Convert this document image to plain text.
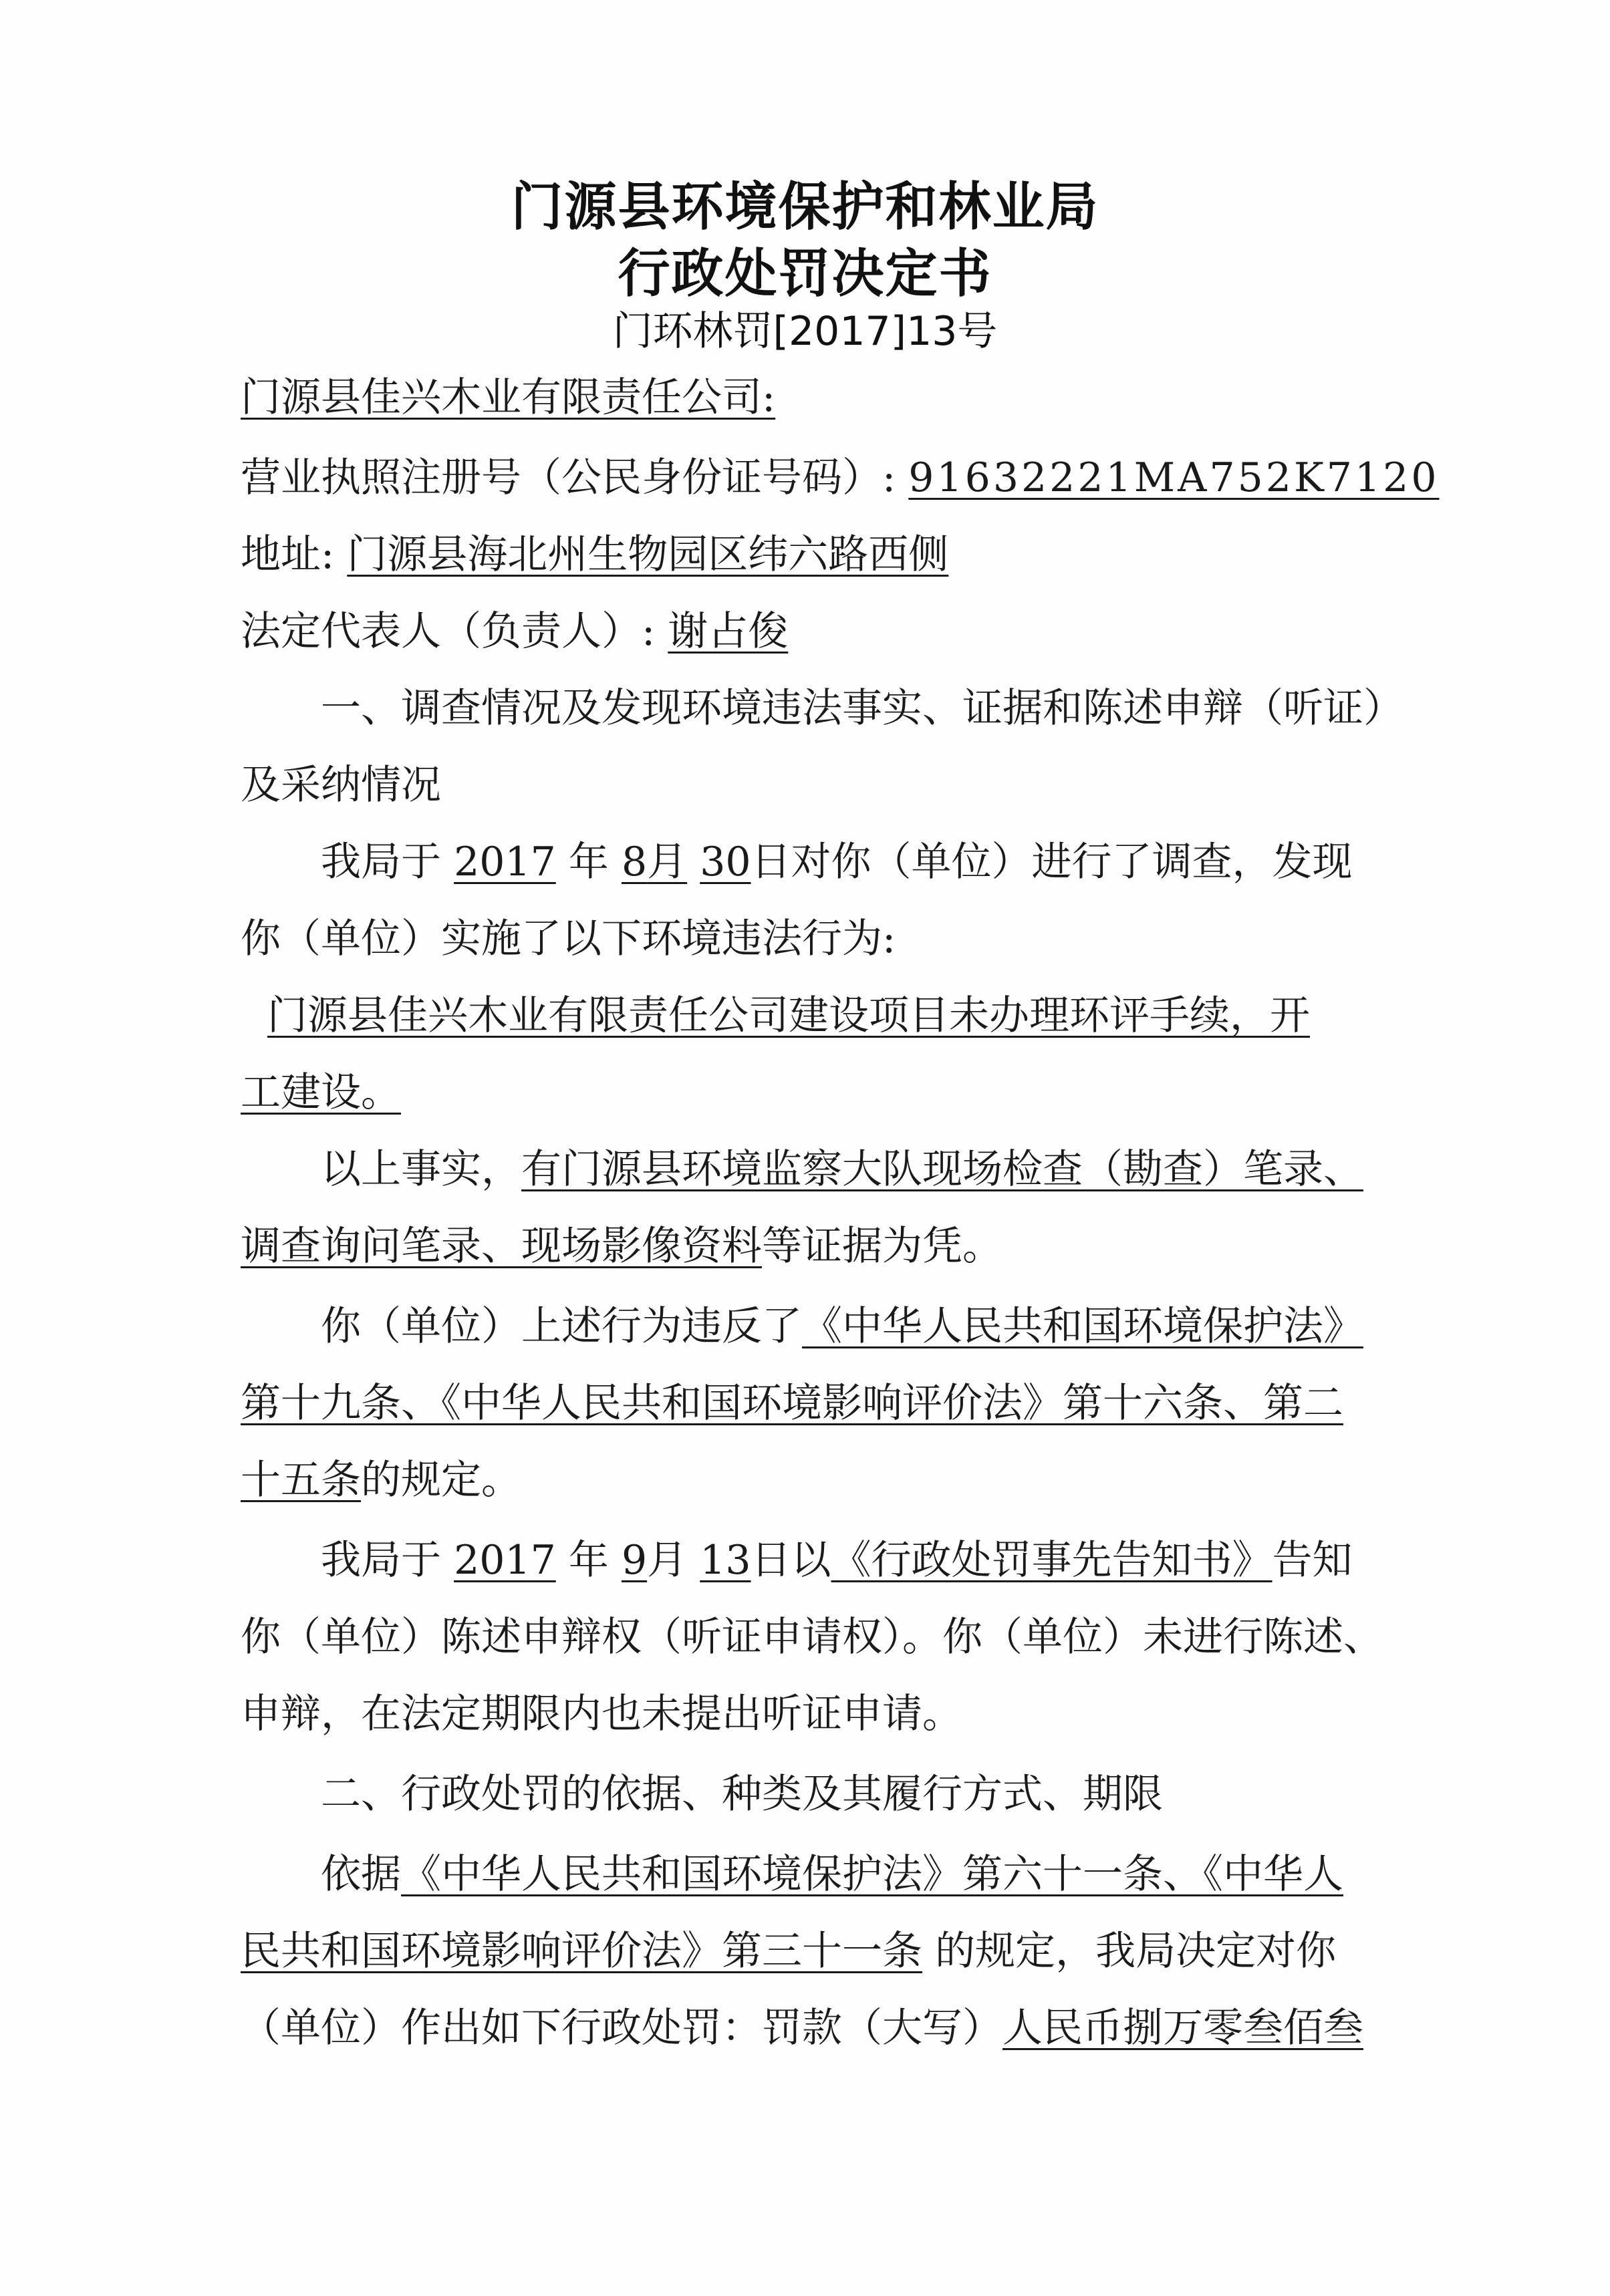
门源县环境保护和林业局
行政处罚决定书
门环林罚[2017]13号
门源县佳兴木业有限责任公司:
营业执照注册号（公民身份证号码）: 91632221MA752K7120
地址: 门源县海北州生物园区纬六路西侧
法定代表人（负责人）: 谢占俊
一、调查情况及发现环境违法事实、证据和陈述申辩（听证）
及采纳情况
我局于 2017 年 8月 30日对你（单位）进行了调查，发现
你（单位）实施了以下环境违法行为:
门源县佳兴木业有限责任公司建设项目未办理环评手续，开
工建设。
以上事实，有门源县环境监察大队现场检查（勘查）笔录、
调查询问笔录、现场影像资料等证据为凭。
你（单位）上述行为违反了《中华人民共和国环境保护法》
第十九条、《中华人民共和国环境影响评价法》第十六条、第二
十五条的规定。
我局于 2017 年 9月 13日以《行政处罚事先告知书》告知
你（单位）陈述申辩权（听证申请权）。你（单位）未进行陈述、
申辩，在法定期限内也未提出听证申请。
二、行政处罚的依据、种类及其履行方式、期限
依据《中华人民共和国环境保护法》第六十一条、《中华人
民共和国环境影响评价法》第三十一条 的规定，我局决定对你
（单位）作出如下行政处罚：罚款（大写）人民币捌万零叁佰叁
